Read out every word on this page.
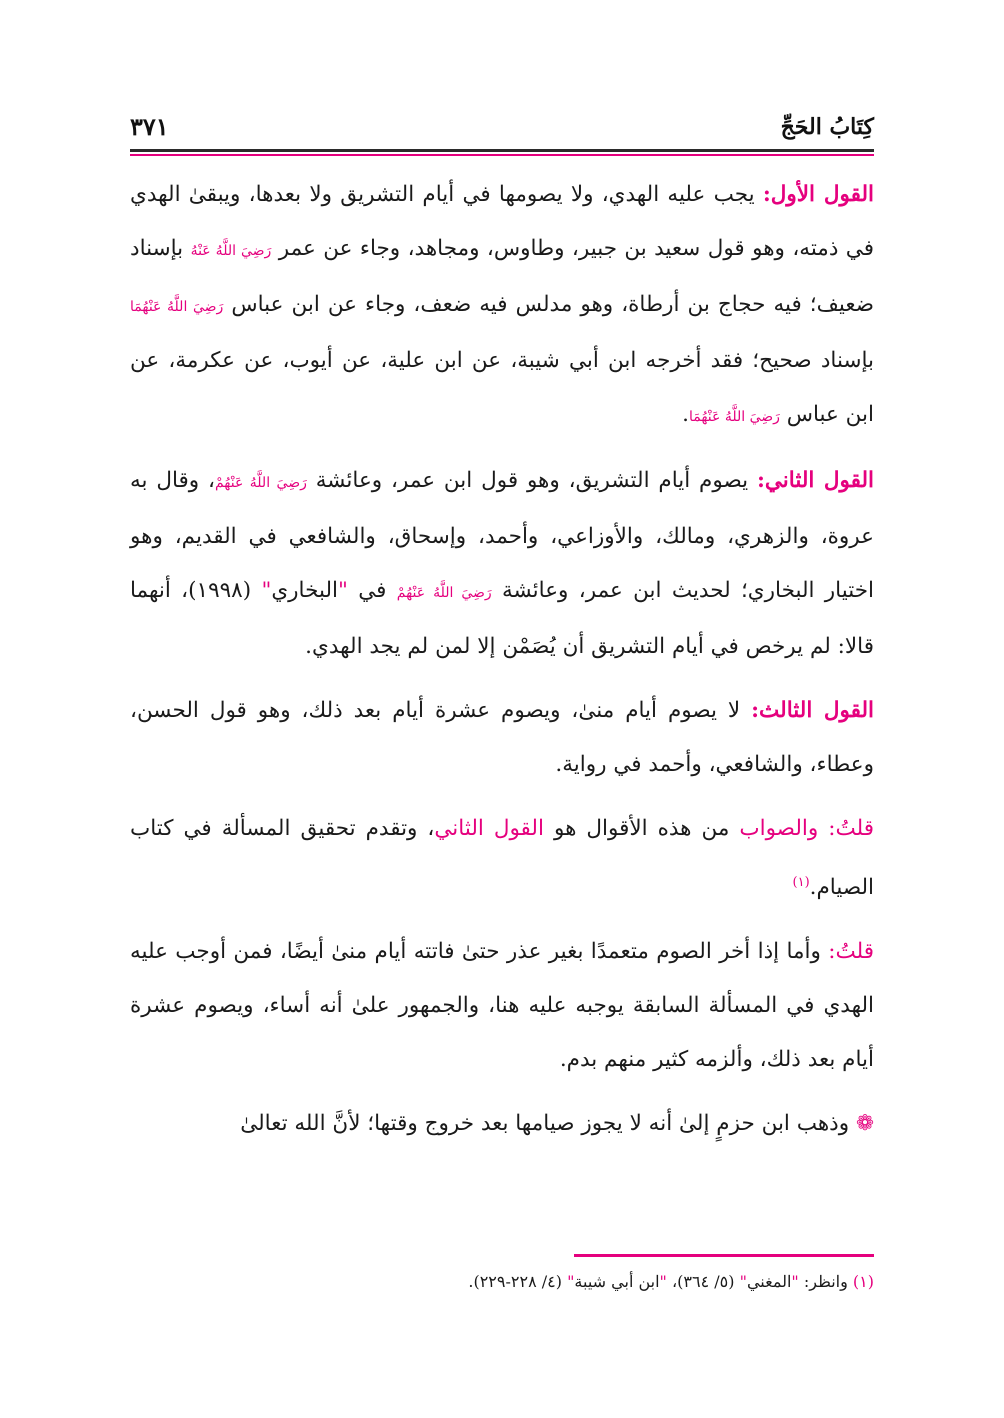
كِتَابُ الحَجِّ
٣٧١

القول الأول: يجب عليه الهدي، ولا يصومها في أيام التشريق ولا بعدها، ويبقىٰ الهدي في ذمته، وهو قول سعيد بن جبير، وطاوس، ومجاهد، وجاء عن عمر رَضِيَ اللَّهُ عَنْهُ بإسناد ضعيف؛ فيه حجاج بن أرطاة، وهو مدلس فيه ضعف، وجاء عن ابن عباس رَضِيَ اللَّهُ عَنْهُمَا بإسناد صحيح؛ فقد أخرجه ابن أبي شيبة، عن ابن علية، عن أيوب، عن عكرمة، عن ابن عباس رَضِيَ اللَّهُ عَنْهُمَا.

القول الثاني: يصوم أيام التشريق، وهو قول ابن عمر، وعائشة رَضِيَ اللَّهُ عَنْهُمْ، وقال به عروة، والزهري، ومالك، والأوزاعي، وأحمد، وإسحاق، والشافعي في القديم، وهو اختيار البخاري؛ لحديث ابن عمر، وعائشة رَضِيَ اللَّهُ عَنْهُمْ في "البخاري" (١٩٩٨)، أنهما قالا: لم يرخص في أيام التشريق أن يُصَمْن إلا لمن لم يجد الهدي.

القول الثالث: لا يصوم أيام منىٰ، ويصوم عشرة أيام بعد ذلك، وهو قول الحسن، وعطاء، والشافعي، وأحمد في رواية.

قلتُ: والصواب من هذه الأقوال هو القول الثاني، وتقدم تحقيق المسألة في كتاب الصيام.$^{(١)}$

قلتُ: وأما إذا أخر الصوم متعمدًا بغير عذر حتىٰ فاتته أيام منىٰ أيضًا، فمن أوجب عليه الهدي في المسألة السابقة يوجبه عليه هنا، والجمهور علىٰ أنه أساء، ويصوم عشرة أيام بعد ذلك، وألزمه كثير منهم بدم.

❁ وذهب ابن حزمٍ إلىٰ أنه لا يجوز صيامها بعد خروج وقتها؛ لأنَّ الله تعالىٰ

(١) وانظر: "المغني" (٥/ ٣٦٤)، "ابن أبي شيبة" (٤/ ٢٢٨-٢٢٩).
